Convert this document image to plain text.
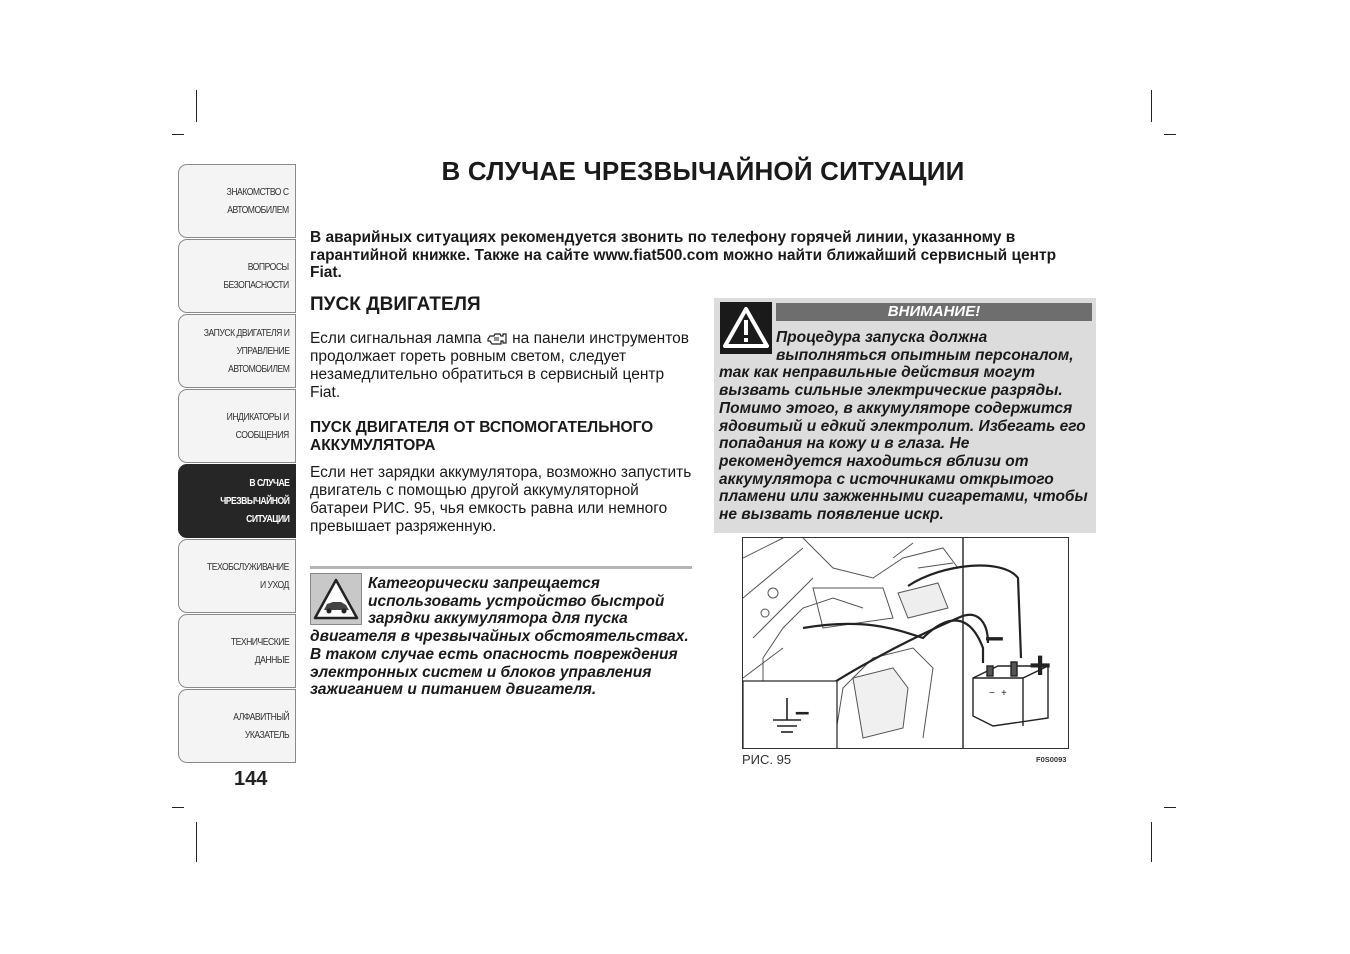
ЗНАКОМСТВО С
АВТОМОБИЛЕМ
ВОПРОСЫ
БЕЗОПАСНОСТИ
ЗАПУСК ДВИГАТЕЛЯ И
УПРАВЛЕНИЕ
АВТОМОБИЛЕМ
ИНДИКАТОРЫ И
СООБЩЕНИЯ
В СЛУЧАЕ
ЧРЕЗВЫЧАЙНОЙ
СИТУАЦИИ
ТЕХОБСЛУЖИВАНИЕ
И УХОД
ТЕХНИЧЕСКИЕ
ДАННЫЕ
АЛФАВИТНЫЙ
УКАЗАТЕЛЬ
144
В СЛУЧАЕ ЧРЕЗВЫЧАЙНОЙ СИТУАЦИИ

В аварийных ситуациях рекомендуется звонить по телефону горячей линии, указанному в гарантийной книжке. Также на сайте www.fiat500.com можно найти ближайший сервисный центр Fiat.

ПУСК ДВИГАТЕЛЯ

Если сигнальная лампа на панели инструментов продолжает гореть ровным светом, следует незамедлительно обратиться в сервисный центр Fiat.

ПУСК ДВИГАТЕЛЯ ОТ ВСПОМОГАТЕЛЬНОГО АККУМУЛЯТОРА

Если нет зарядки аккумулятора, возможно запустить двигатель с помощью другой аккумуляторной батареи РИС. 95, чья емкость равна или немного превышает разряженную.

Категорически запрещается использовать устройство быстрой зарядки аккумулятора для пуска двигателя в чрезвычайных обстоятельствах. В таком случае есть опасность повреждения электронных систем и блоков управления зажиганием и питанием двигателя.

ВНИМАНИЕ!

Процедура запуска должна выполняться опытным персоналом, так как неправильные действия могут вызвать сильные электрические разряды. Помимо этого, в аккумуляторе содержится ядовитый и едкий электролит. Избегать его попадания на кожу и в глаза. Не рекомендуется находиться вблизи от аккумулятора с источниками открытого пламени или зажженными сигаретами, чтобы не вызвать появление искр.

− +
–
+
–
РИС. 95	F0S0093
